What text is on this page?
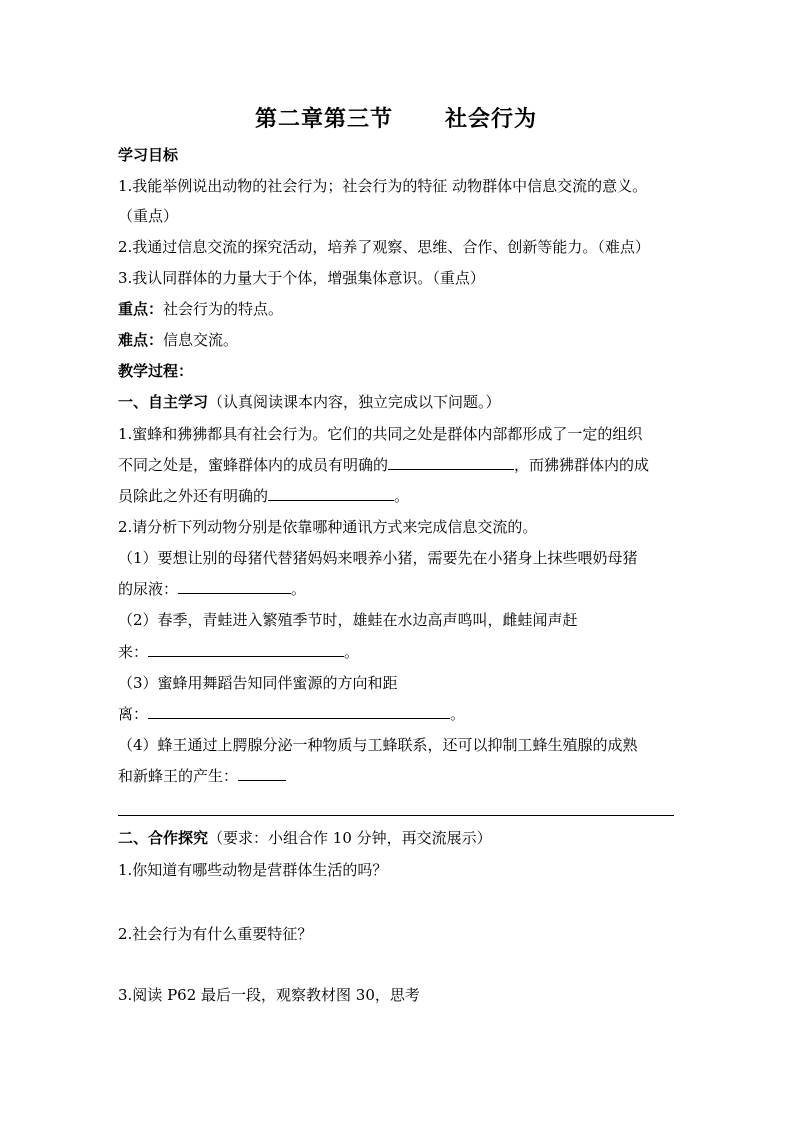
第二章第三节      社会行为
学习目标
1.我能举例说出动物的社会行为；社会行为的特征 动物群体中信息交流的意义。
（重点）
2.我通过信息交流的探究活动，培养了观察、思维、合作、创新等能力。（难点）
3.我认同群体的力量大于个体，增强集体意识。（重点）
重点：社会行为的特点。
难点：信息交流。
教学过程：
一、自主学习（认真阅读课本内容，独立完成以下问题。）
1.蜜蜂和狒狒都具有社会行为。它们的共同之处是群体内部都形成了一定的组织
不同之处是，蜜蜂群体内的成员有明确的	，而狒狒群体内的成
员除此之外还有明确的	。
2.请分析下列动物分别是依靠哪种通讯方式来完成信息交流的。
（1）要想让别的母猪代替猪妈妈来喂养小猪，需要先在小猪身上抹些喂奶母猪
的尿液：	。
（2）春季，青蛙进入繁殖季节时，雄蛙在水边高声鸣叫，雌蛙闻声赶
来：	。
（3）蜜蜂用舞蹈告知同伴蜜源的方向和距
离：	。
（4）蜂王通过上腭腺分泌一种物质与工蜂联系，还可以抑制工蜂生殖腺的成熟
和新蜂王的产生：
二、合作探究（要求：小组合作 10 分钟，再交流展示）
1.你知道有哪些动物是营群体生活的吗？
2.社会行为有什么重要特征？
3.阅读 P62 最后一段，观察教材图 30，思考
